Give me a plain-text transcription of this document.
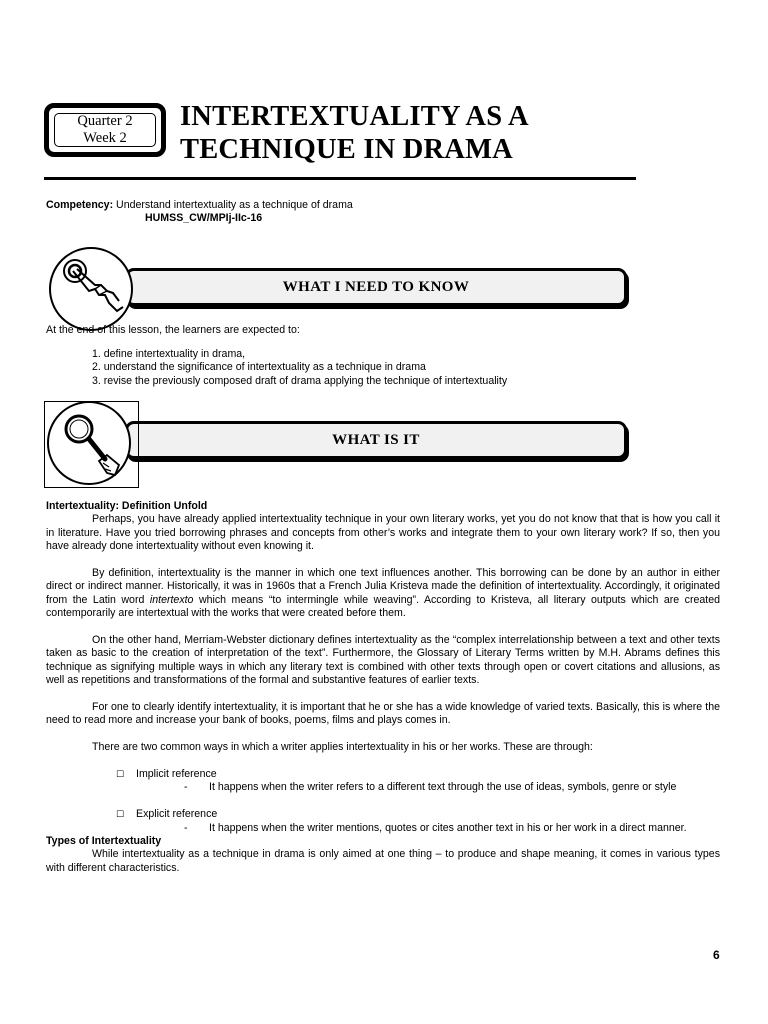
Quarter 2
Week 2
INTERTEXTUALITY AS A
TECHNIQUE IN DRAMA
Competency: Understand intertextuality as a technique of drama
HUMSS_CW/MPIj-IIc-16
WHAT I NEED TO KNOW
At the end of this lesson, the learners are expected to:
1. define intertextuality in drama,
2. understand the significance of intertextuality as a technique in drama
3. revise the previously composed draft of drama applying the technique of intertextuality
WHAT IS IT

Intertextuality: Definition Unfold

Perhaps, you have already applied intertextuality technique in your own literary works, yet you do not know that that is how you call it in literature. Have you tried borrowing phrases and concepts from other’s works and integrate them to your own literary work? If so, then you have already done intertextuality without even knowing it.

By definition, intertextuality is the manner in which one text influences another. This borrowing can be done by an author in either direct or indirect manner. Historically, it was in 1960s that a French Julia Kristeva made the definition of intertextuality. Accordingly, it originated from the Latin word intertexto which means “to intermingle while weaving”. According to Kristeva, all literary outputs which are created contemporarily are intertextual with the works that were created before them.

On the other hand, Merriam-Webster dictionary defines intertextuality as the “complex interrelationship between a text and other texts taken as basic to the creation of interpretation of the text”. Furthermore, the Glossary of Literary Terms written by M.H. Abrams defines this technique as signifying multiple ways in which any literary text is combined with other texts through open or covert citations and allusions, as well as repetitions and transformations of the formal and substantive features of earlier texts.

For one to clearly identify intertextuality, it is important that he or she has a wide knowledge of varied texts. Basically, this is where the need to read more and increase your bank of books, poems, films and plays comes in.

There are two common ways in which a writer applies intertextuality in his or her works. These are through:

☐	Implicit reference
-	It happens when the writer refers to a different text through the use of ideas, symbols, genre or style
☐	Explicit reference
-	It happens when the writer mentions, quotes or cites another text in his or her work in a direct manner.

Types of Intertextuality

While intertextuality as a technique in drama is only aimed at one thing – to produce and shape meaning, it comes in various types with different characteristics.

6
